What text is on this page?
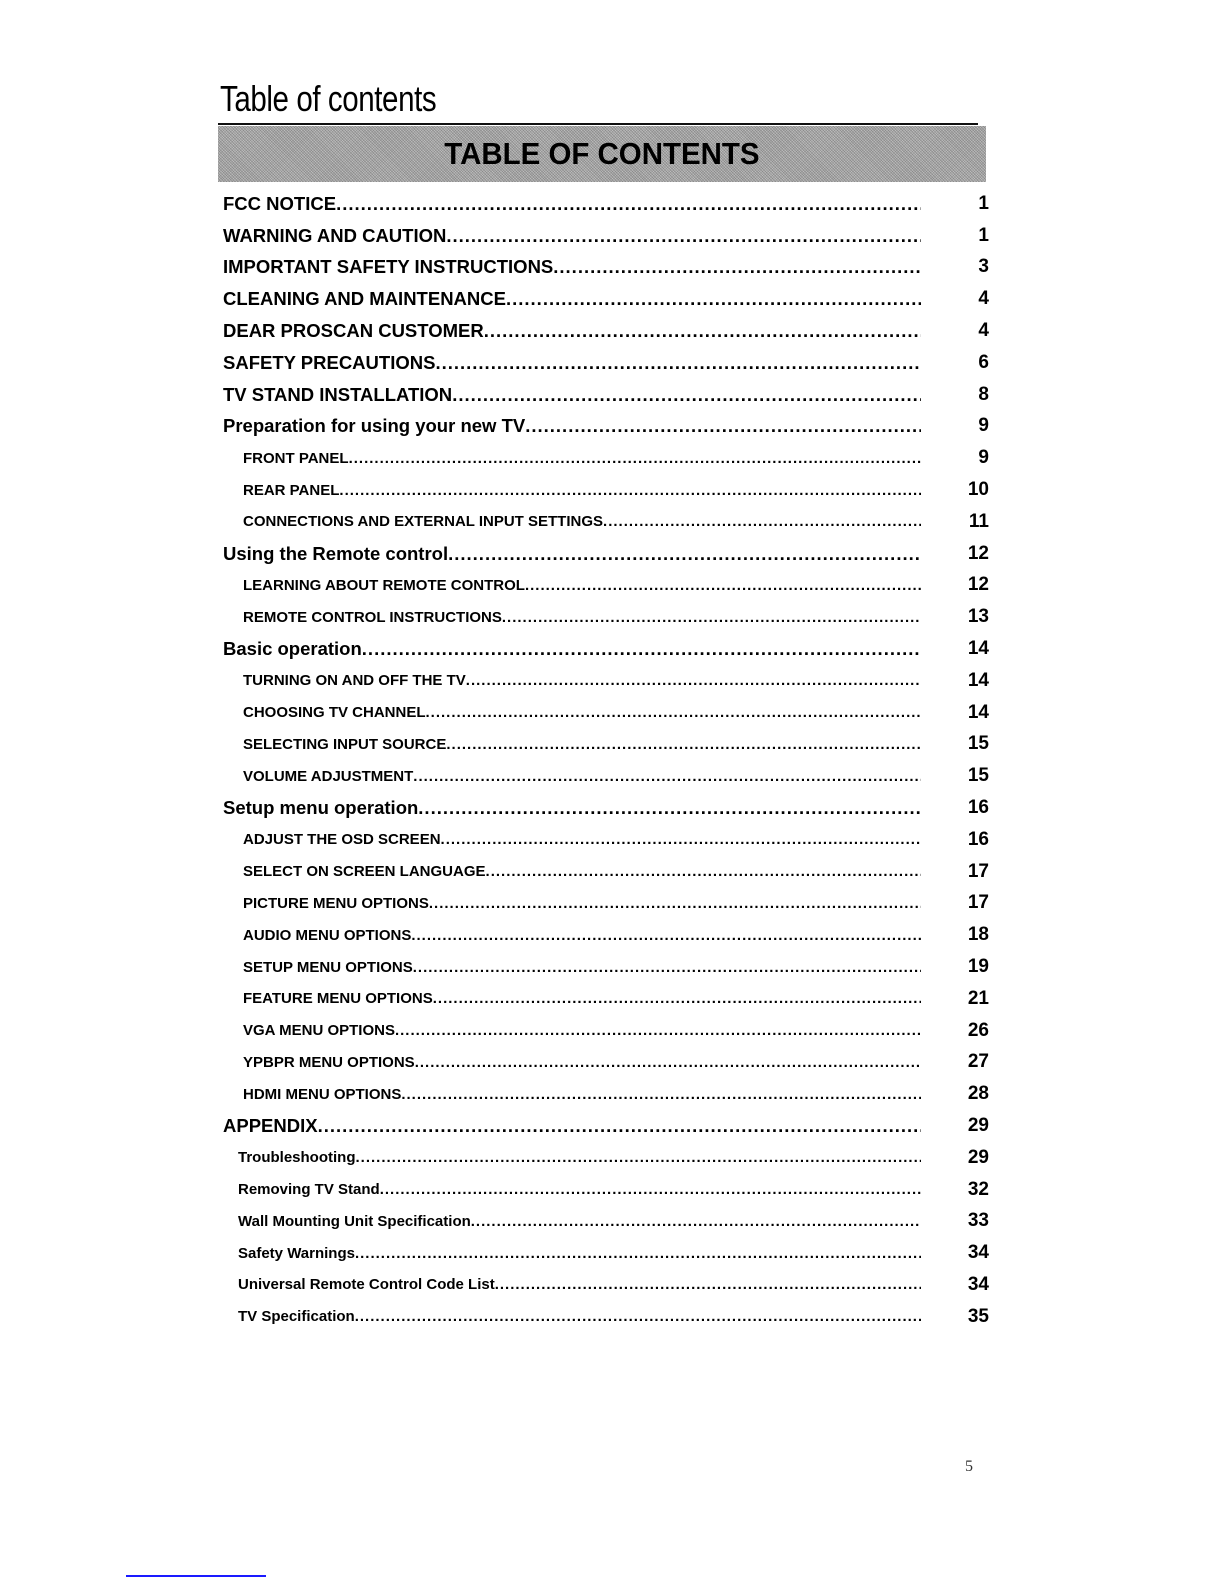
Table of contents
TABLE OF CONTENTS
FCC NOTICE .....	1
WARNING AND CAUTION .....	1
IMPORTANT SAFETY INSTRUCTIONS .....	3
CLEANING AND MAINTENANCE .....	4
DEAR PROSCAN CUSTOMER .....	4
SAFETY PRECAUTIONS .....	6
TV STAND INSTALLATION .....	8
Preparation for using your new TV .....	9
FRONT PANEL .....	9
REAR PANEL .....	10
CONNECTIONS AND EXTERNAL INPUT SETTINGS .....	11
Using the Remote control .....	12
LEARNING ABOUT REMOTE CONTROL .....	12
REMOTE CONTROL INSTRUCTIONS .....	13
Basic operation .....	14
TURNING ON AND OFF THE TV .....	14
CHOOSING TV CHANNEL .....	14
SELECTING INPUT SOURCE .....	15
VOLUME ADJUSTMENT .....	15
Setup menu operation .....	16
ADJUST THE OSD SCREEN .....	16
SELECT ON SCREEN LANGUAGE .....	17
PICTURE MENU OPTIONS .....	17
AUDIO MENU OPTIONS .....	18
SETUP MENU OPTIONS .....	19
FEATURE MENU OPTIONS .....	21
VGA MENU OPTIONS .....	26
YPBPR MENU OPTIONS .....	27
HDMI MENU OPTIONS .....	28
APPENDIX .....	29
Troubleshooting .....	29
Removing TV Stand .....	32
Wall Mounting Unit Specification .....	33
Safety Warnings .....	34
Universal Remote Control Code List .....	34
TV Specification .....	35
5
